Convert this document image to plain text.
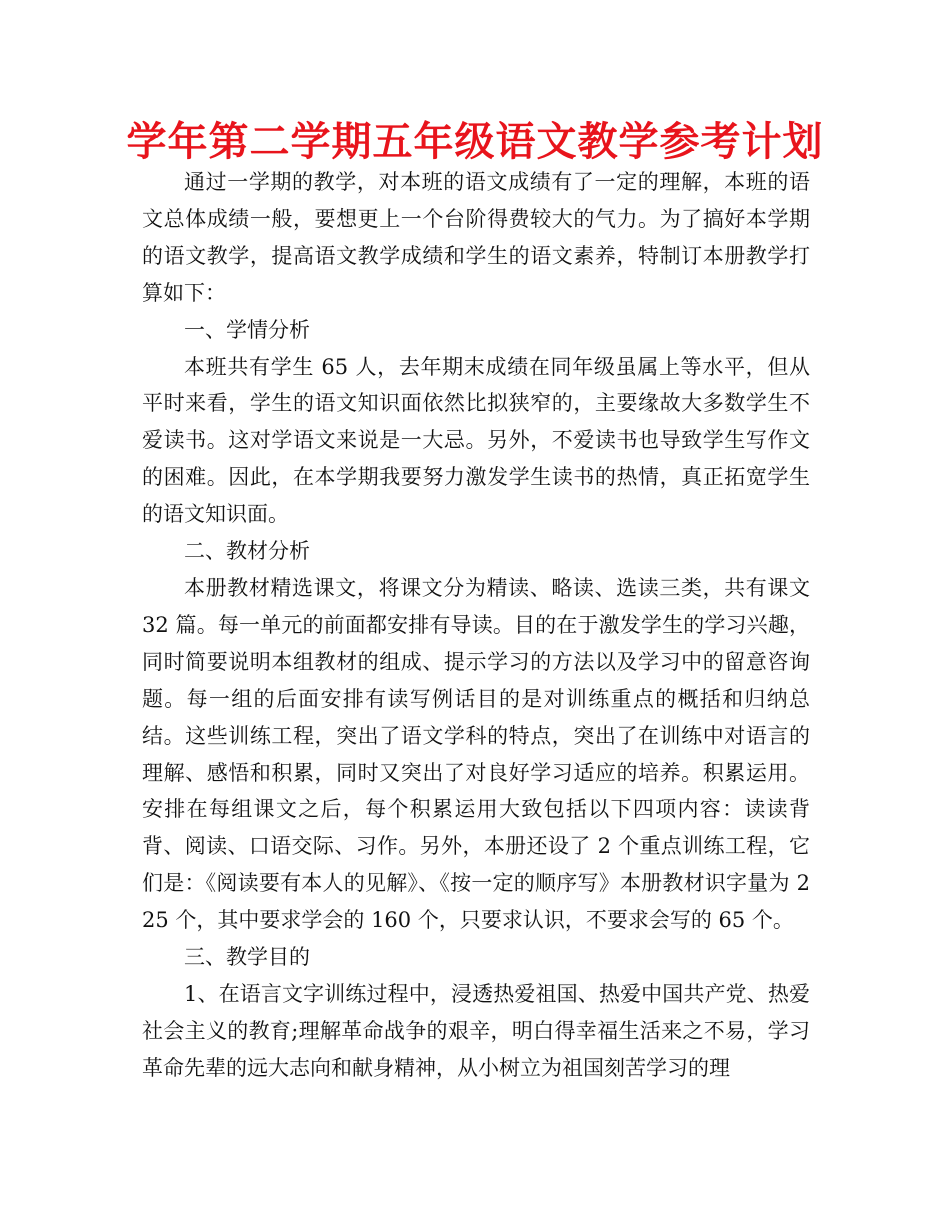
学年第二学期五年级语文教学参考计划

通过一学期的教学，对本班的语文成绩有了一定的理解，本班的语文总体成绩一般，要想更上一个台阶得费较大的气力。为了搞好本学期的语文教学，提高语文教学成绩和学生的语文素养，特制订本册教学打算如下：

一、学情分析

本班共有学生 65 人，去年期末成绩在同年级虽属上等水平，但从平时来看，学生的语文知识面依然比拟狭窄的，主要缘故大多数学生不爱读书。这对学语文来说是一大忌。另外，不爱读书也导致学生写作文的困难。因此，在本学期我要努力激发学生读书的热情，真正拓宽学生的语文知识面。

二、教材分析

本册教材精选课文，将课文分为精读、略读、选读三类，共有课文 32 篇。每一单元的前面都安排有导读。目的在于激发学生的学习兴趣，同时简要说明本组教材的组成、提示学习的方法以及学习中的留意咨询题。每一组的后面安排有读写例话目的是对训练重点的概括和归纳总结。这些训练工程，突出了语文学科的特点，突出了在训练中对语言的理解、感悟和积累，同时又突出了对良好学习适应的培养。积累运用。安排在每组课文之后，每个积累运用大致包括以下四项内容：读读背背、阅读、口语交际、习作。另外，本册还设了 2 个重点训练工程，它们是：《阅读要有本人的见解》、《按一定的顺序写》本册教材识字量为 225 个，其中要求学会的 160 个，只要求认识，不要求会写的 65 个。

三、教学目的

1、在语言文字训练过程中，浸透热爱祖国、热爱中国共产党、热爱社会主义的教育;理解革命战争的艰辛，明白得幸福生活来之不易，学习革命先辈的远大志向和献身精神，从小树立为祖国刻苦学习的理
